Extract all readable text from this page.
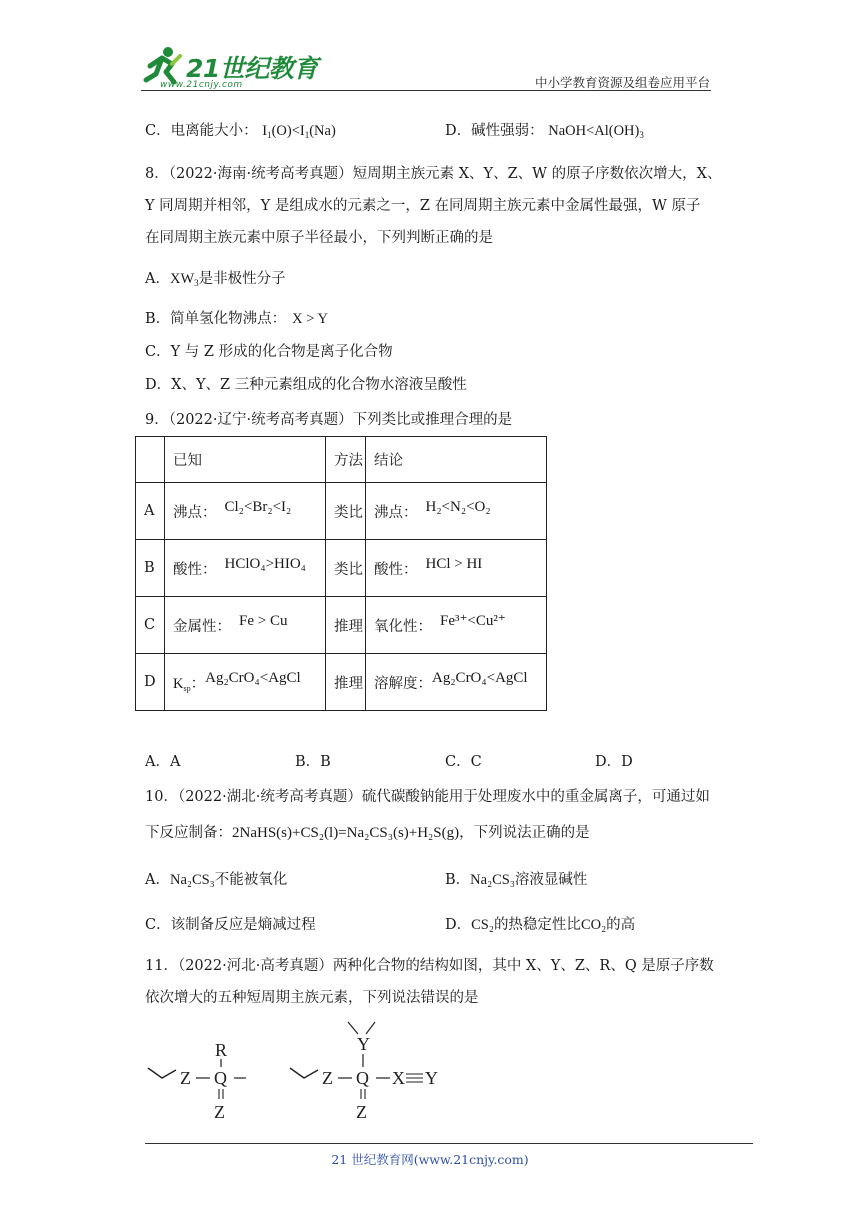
21世纪教育
www.21cnjy.com	中小学教育资源及组卷应用平台
C．电离能大小： $I_1(O)<I_1(Na)$	D．碱性强弱： $NaOH<Al(OH)_3$
8．（2022·海南·统考高考真题）短周期主族元素 X、Y、Z、W 的原子序数依次增大，X、
Y 同周期并相邻，Y 是组成水的元素之一，Z 在同周期主族元素中金属性最强，W 原子
在同周期主族元素中原子半径最小，下列判断正确的是
A．$XW_3$是非极性分子
B．简单氢化物沸点： X > Y
C．Y 与 Z 形成的化合物是离子化合物
D．X、Y、Z 三种元素组成的化合物水溶液呈酸性
9．（2022·辽宁·统考高考真题）下列类比或推理合理的是
	已知	方法	结论
A	沸点： Cl₂<Br₂<I₂	类比	沸点： H₂<N₂<O₂
B	酸性： HClO₄>HIO₄	类比	酸性： HCl > HI
C	金属性： Fe > Cu	推理	氧化性： Fe³⁺<Cu²⁺
D	$K_{sp}$：Ag₂CrO₄<AgCl	推理	溶解度：Ag₂CrO₄<AgCl
A．A	B．B	C．C	D．D
10．（2022·湖北·统考高考真题）硫代碳酸钠能用于处理废水中的重金属离子，可通过如
下反应制备：2NaHS(s)+CS₂(l)=Na₂CS₃(s)+H₂S(g)，下列说法正确的是
A．Na₂CS₃不能被氧化	B．Na₂CS₃溶液显碱性
C．该制备反应是熵减过程	D．CS₂的热稳定性比CO₂的高
11．（2022·河北·高考真题）两种化合物的结构如图，其中 X、Y、Z、R、Q 是原子序数
依次增大的五种短周期主族元素，下列说法错误的是
Z Q
R
Z
Z Q X Y
Y
Z
21 世纪教育网(www.21cnjy.com)
